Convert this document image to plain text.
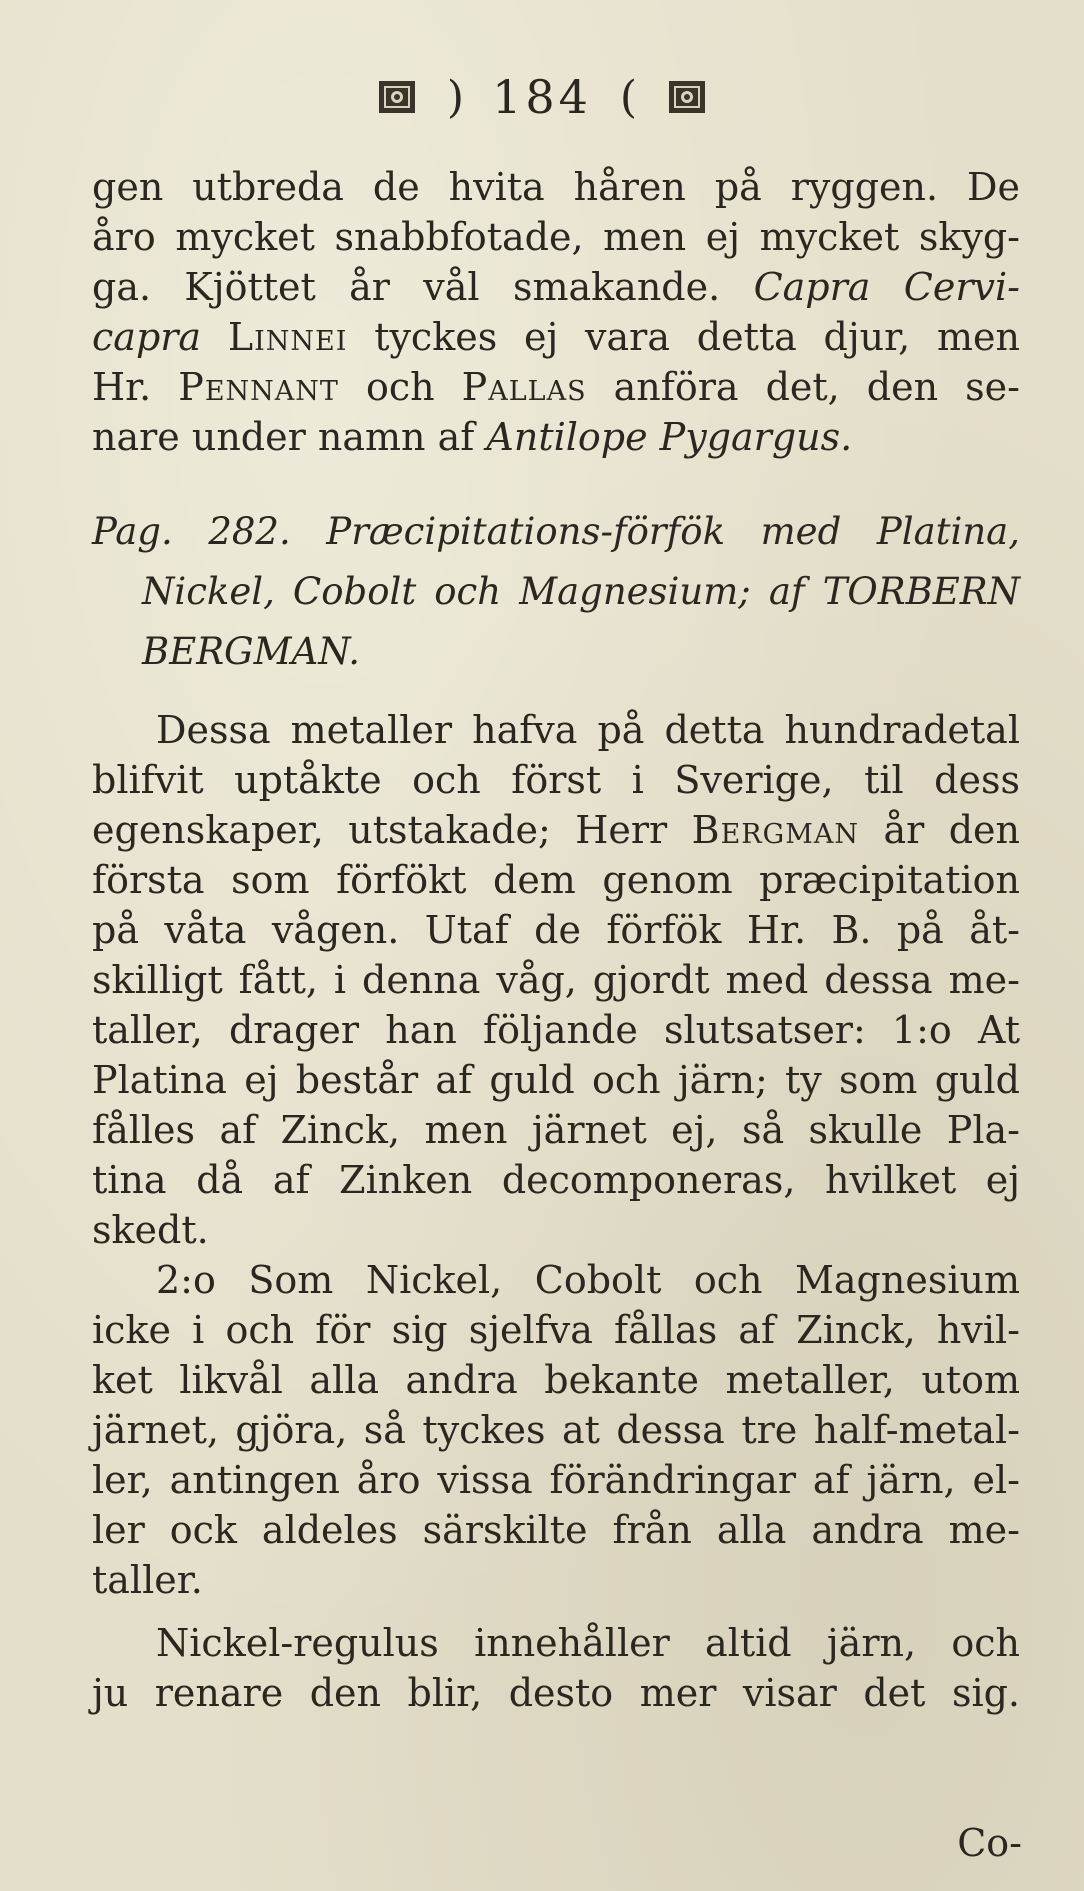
) 184 (
gen utbreda de hvita håren på ryggen. De
åro mycket snabbfotade, men ej mycket skyg-
ga. Kjöttet år vål smakande. Capra Cervi-
capra Linnei tyckes ej vara detta djur, men
Hr. Pennant och Pallas anföra det, den se-
nare under namn af Antilope Pygargus.
Pag. 282. Præcipitations-förfök med Platina,
Nickel, Cobolt och Magnesium; af TORBERN
BERGMAN.
Dessa metaller hafva på detta hundradetal
blifvit uptåkte och först i Sverige, til dess
egenskaper, utstakade; Herr Bergman år den
första som förfökt dem genom præcipitation
på våta vågen. Utaf de förfök Hr. B. på åt-
skilligt fått, i denna våg, gjordt med dessa me-
taller, drager han följande slutsatser: 1:o At
Platina ej består af guld och järn; ty som guld
fålles af Zinck, men järnet ej, så skulle Pla-
tina då af Zinken decomponeras, hvilket ej
skedt.
2:o Som Nickel, Cobolt och Magnesium
icke i och för sig sjelfva fållas af Zinck, hvil-
ket likvål alla andra bekante metaller, utom
järnet, gjöra, så tyckes at dessa tre half-metal-
ler, antingen åro vissa förändringar af järn, el-
ler ock aldeles särskilte från alla andra me-
taller.
Nickel-regulus innehåller altid järn, och
ju renare den blir, desto mer visar det sig.
Co-
